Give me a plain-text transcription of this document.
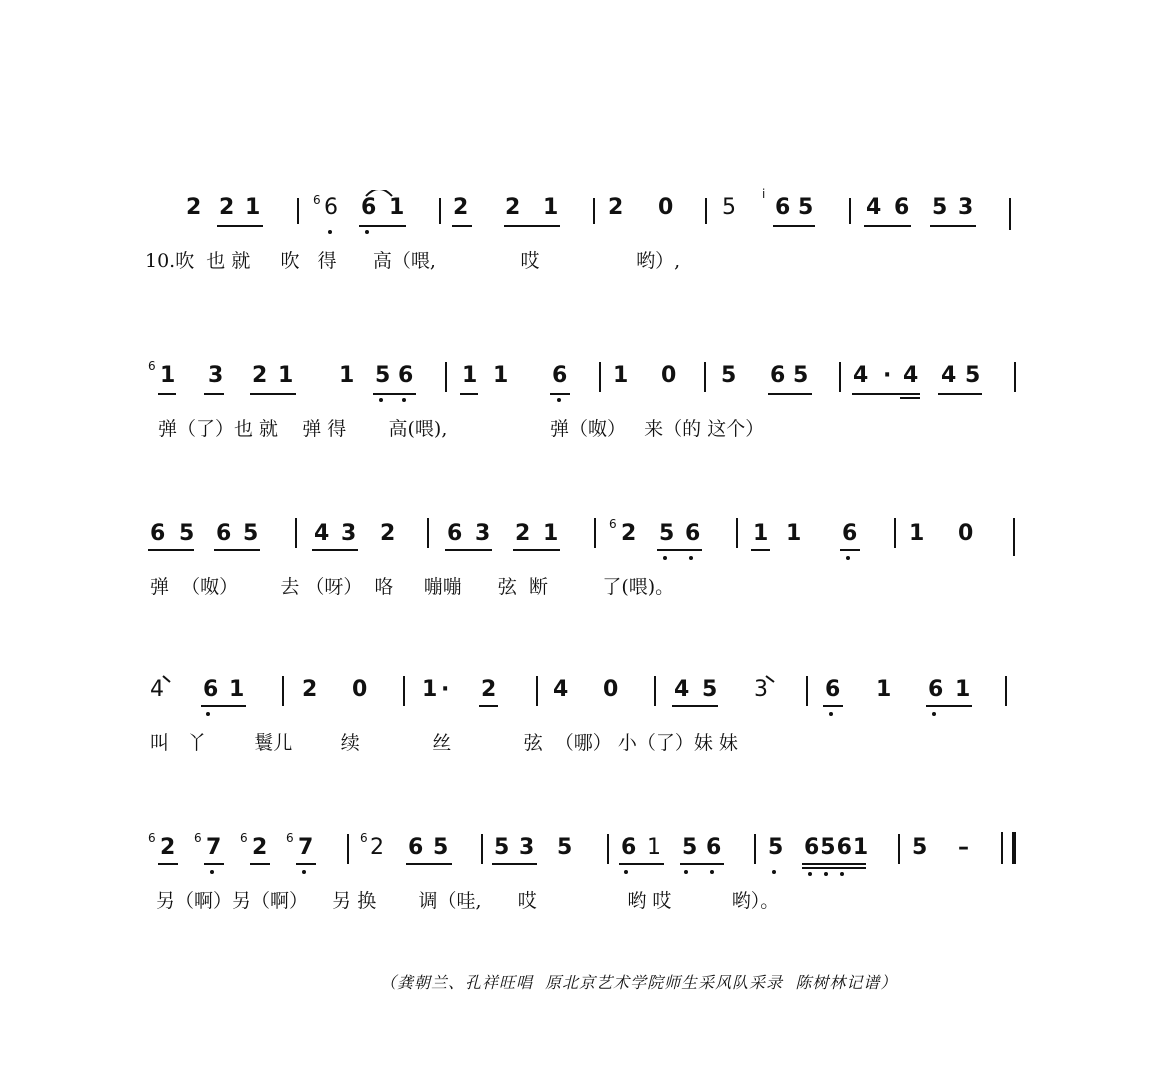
2 2 1	6 6 1 2 2 1 2 0 5 6 5 4 6 5 3
6	i
10.吹  也 就     吹   得      高（喂,              哎                哟）,
1 3 2 1 1 5 6 1 1 6 1 0 5 6 5 4 · 4 4 5
6
弹（了）也 就    弹 得       高(喂),                 弹（呶）   来（的 这个）
6 5 6 5	4 3 2 6 3 2 1	2 5 6 1 1 6 1 0
6
弹  （呶）       去 （呀）  咯     嘣嘣      弦  断         了(喂)。
4 6 1	2 0 1 · 2	4 0	4 5 3	6 1 6 1
叫   丫        鬟儿        续            丝            弦  （哪） 小（了）妹 妹
2 7 2 7	2 6 5 5 3 5 6 1 5 6 5 6561 5 –
6	6	6	6	6
另（啊）另（啊）    另 换       调（哇,      哎               哟 哎          哟）。
（龚朝兰、孔祥旺唱  原北京艺术学院师生采风队采录  陈树林记谱）
